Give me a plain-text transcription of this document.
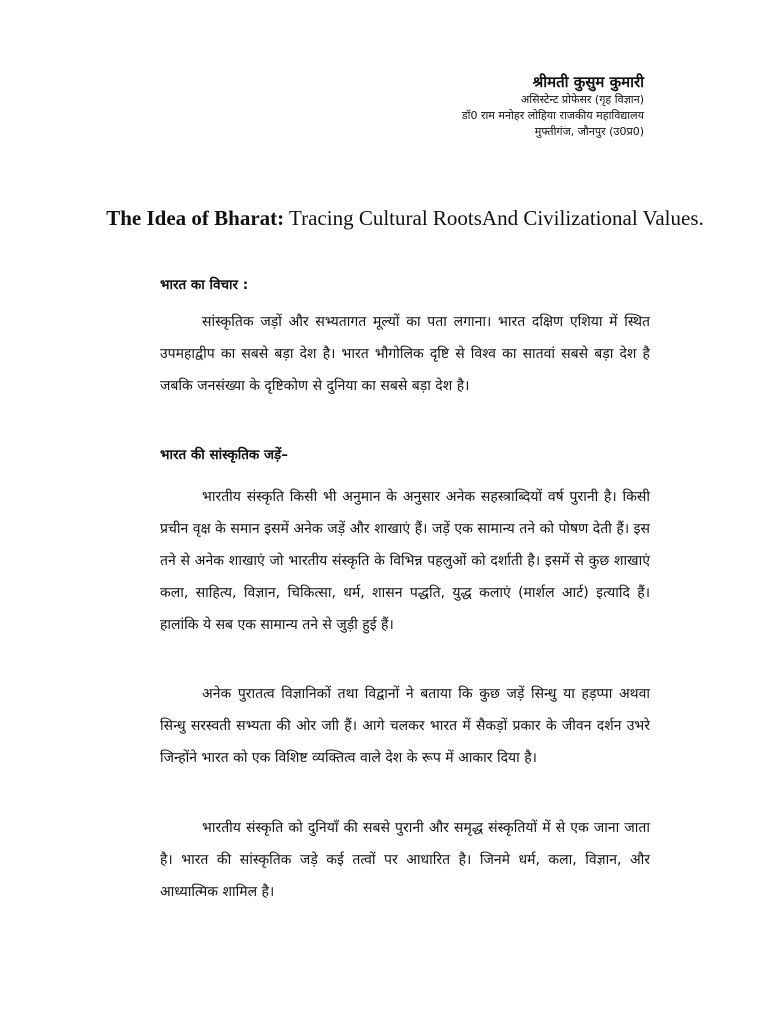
श्रीमती कुसुम कुमारी
असिस्टेन्ट प्रोफेसर (गृह विज्ञान)
डॉ0 राम मनोहर लोहिया राजकीय महाविद्यालय
मुफ्तीगंज, जौनपुर (उ0प्र0)
The Idea of Bharat: Tracing Cultural RootsAnd Civilizational Values.
भारत का विचार :

सांस्कृतिक जड़ों और सभ्यतागत मूल्यों का पता लगाना। भारत दक्षिण एशिया में स्थित उपमहाद्वीप का सबसे बड़ा देश है। भारत भौगोलिक दृष्टि से विश्व का सातवां सबसे बड़ा देश है जबकि जनसंख्या के दृष्टिकोण से दुनिया का सबसे बड़ा देश है।

भारत की सांस्कृतिक जड़ें–

भारतीय संस्कृति किसी भी अनुमान के अनुसार अनेक सहस्त्राब्दियों वर्ष पुरानी है। किसी प्रचीन वृक्ष के समान इसमें अनेक जड़ें और शाखाएं हैं। जड़ें एक सामान्य तने को पोषण देती हैं। इस तने से अनेक शाखाएं जो भारतीय संस्कृति के विभिन्न पहलुओं को दर्शाती है। इसमें से कुछ शाखाएं कला, साहित्य, विज्ञान, चिकित्सा, धर्म, शासन पद्धति, युद्ध कलाएं (मार्शल आर्ट) इत्यादि हैं। हालांकि ये सब एक सामान्य तने से जुड़ी हुई हैं।

अनेक पुरातत्व विज्ञानिकों तथा विद्वानों ने बताया कि कुछ जड़ें सिन्धु या हड़प्पा अथवा सिन्धु सरस्वती सभ्यता की ओर जाी हैं। आगे चलकर भारत में सैकड़ों प्रकार के जीवन दर्शन उभरे जिन्होंने भारत को एक विशिष्ट व्यक्तित्व वाले देश के रूप में आकार दिया है।

भारतीय संस्कृति को दुनियाँ की सबसे पुरानी और समृद्ध संस्कृतियों में से एक जाना जाता है। भारत की सांस्कृतिक जड़े कई तत्वों पर आधारित है। जिनमे धर्म, कला, विज्ञान, और आध्यात्मिक शामिल है।
